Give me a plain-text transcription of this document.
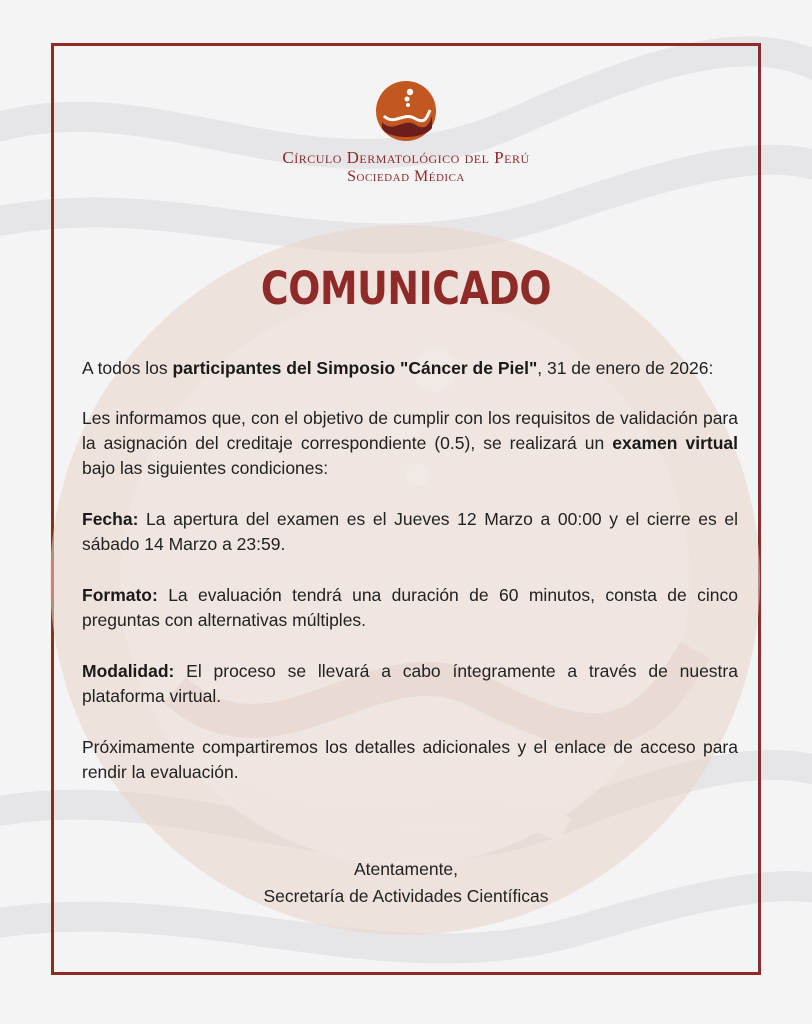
Círculo Dermatológico del Perú
Sociedad Médica
COMUNICADO

A todos los participantes del Simposio "Cáncer de Piel", 31 de enero de 2026:

Les informamos que, con el objetivo de cumplir con los requisitos de validación para la asignación del creditaje correspondiente (0.5), se realizará un examen virtual bajo las siguientes condiciones:

Fecha: La apertura del examen es el Jueves 12 Marzo a 00:00 y el cierre es el sábado 14 Marzo a 23:59.

Formato: La evaluación tendrá una duración de 60 minutos, consta de cinco preguntas con alternativas múltiples.

Modalidad: El proceso se llevará a cabo íntegramente a través de nuestra plataforma virtual.

Próximamente compartiremos los detalles adicionales y el enlace de acceso para rendir la evaluación.

Atentamente,
Secretaría de Actividades Científicas
